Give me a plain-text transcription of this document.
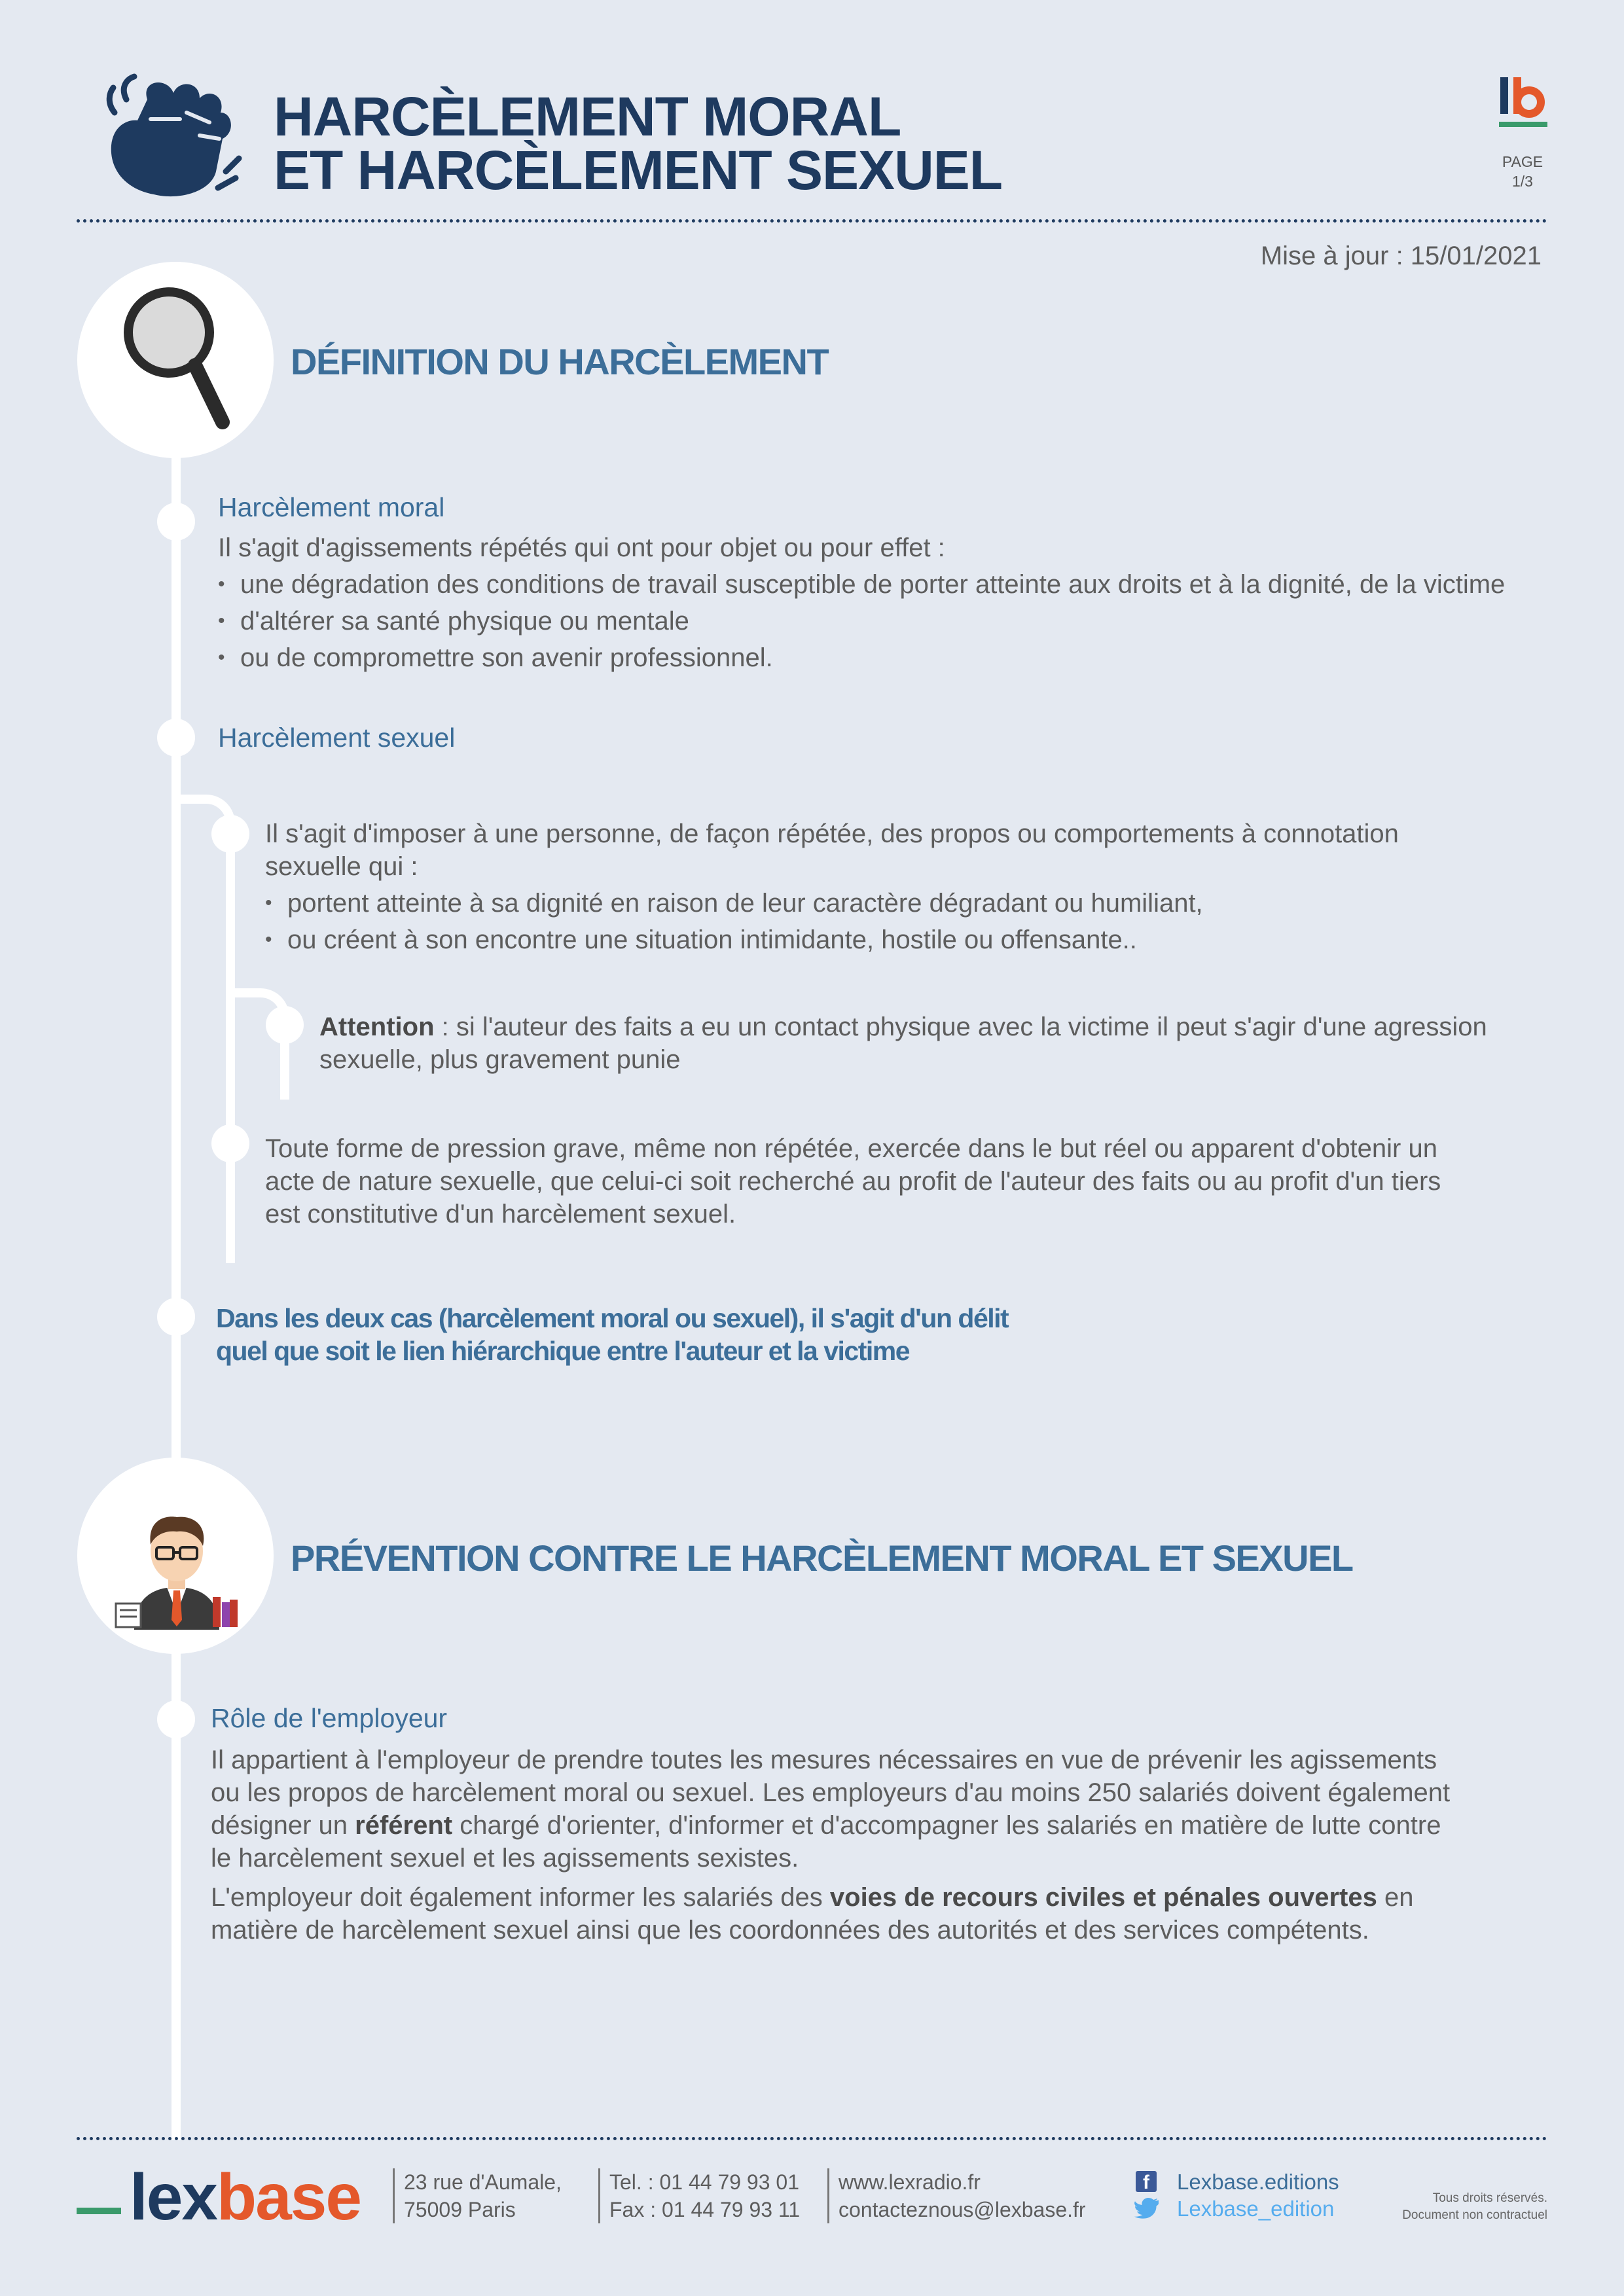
HARCÈLEMENT MORAL
ET HARCÈLEMENT SEXUEL	PAGE
1/3
Mise à jour : 15/01/2021
DÉFINITION DU HARCÈLEMENT
Harcèlement moral
Il s'agit d'agissements répétés qui ont pour objet ou pour effet :
• une dégradation des conditions de travail susceptible de porter atteinte aux droits et à la dignité, de la victime
• d'altérer sa santé physique ou mentale
• ou de compromettre son avenir professionnel.
Harcèlement sexuel
Il s'agit d'imposer à une personne, de façon répétée, des propos ou comportements à connotation
sexuelle qui :
• portent atteinte à sa dignité en raison de leur caractère dégradant ou humiliant,
• ou créent à son encontre une situation intimidante, hostile ou offensante..
Attention : si l'auteur des faits a eu un contact physique avec la victime il peut s'agir d'une agression
sexuelle, plus gravement punie
Toute forme de pression grave, même non répétée, exercée dans le but réel ou apparent d'obtenir un
acte de nature sexuelle, que celui-ci soit recherché au profit de l'auteur des faits ou au profit d'un tiers
est constitutive d'un harcèlement sexuel.
Dans les deux cas (harcèlement moral ou sexuel), il s'agit d'un délit
quel que soit le lien hiérarchique entre l'auteur et la victime
PRÉVENTION CONTRE LE HARCÈLEMENT MORAL ET SEXUEL
Rôle de l'employeur
Il appartient à l'employeur de prendre toutes les mesures nécessaires en vue de prévenir les agissements
ou les propos de harcèlement moral ou sexuel. Les employeurs d'au moins 250 salariés doivent également
désigner un référent chargé d'orienter, d'informer et d'accompagner les salariés en matière de lutte contre
le harcèlement sexuel et les agissements sexistes.
L'employeur doit également informer les salariés des voies de recours civiles et pénales ouvertes en
matière de harcèlement sexuel ainsi que les coordonnées des autorités et des services compétents.
lexbase 23 rue d'Aumale,
75009 Paris
Tel. : 01 44 79 93 01
Fax : 01 44 79 93 11
www.lexradio.fr
contacteznous@lexbase.fr
f	Lexbase.editions
Lexbase_edition	Tous droits réservés.
Document non contractuel
